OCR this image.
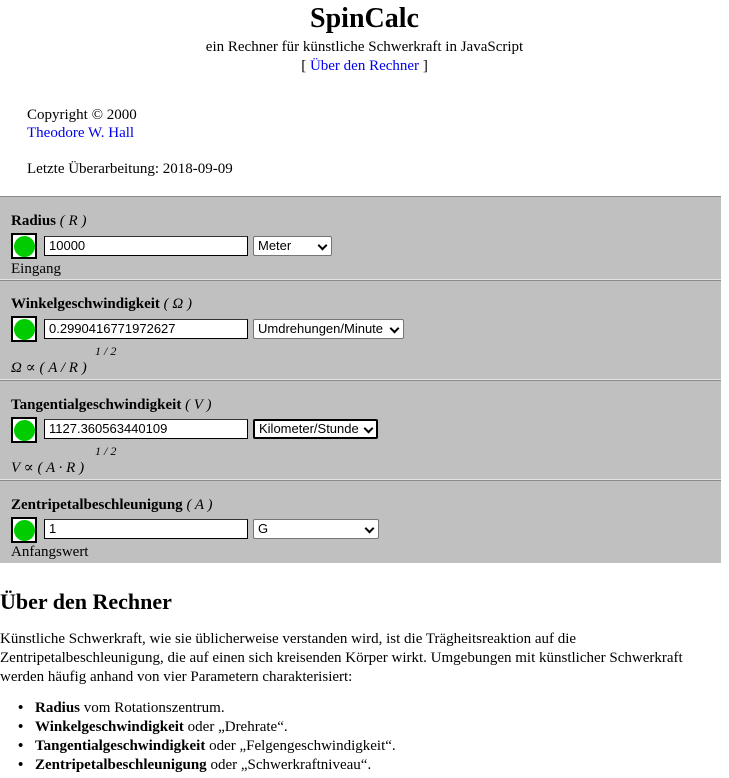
SpinCalc
ein Rechner für künstliche Schwerkraft in JavaScript
[ Über den Rechner ]
Copyright © 2000
Theodore W. Hall
Letzte Überarbeitung: 2018-09-09
Radius ( R )
10000	Meter
Eingang
Winkelgeschwindigkeit ( Ω )
0.2990416771972627	Umdrehungen/Minute
1 / 2
Ω ∝ ( A / R )
Tangentialgeschwindigkeit ( V )
1127.360563440109	Kilometer/Stunde
1 / 2
V ∝ ( A · R )
Zentripetalbeschleunigung ( A )
1	G
Anfangswert
Über den Rechner
Künstliche Schwerkraft, wie sie üblicherweise verstanden wird, ist die Trägheitsreaktion auf die
Zentripetalbeschleunigung, die auf einen sich kreisenden Körper wirkt. Umgebungen mit künstlicher Schwerkraft
werden häufig anhand von vier Parametern charakterisiert:
• Radius vom Rotationszentrum.
• Winkelgeschwindigkeit oder „Drehrate“.
• Tangentialgeschwindigkeit oder „Felgengeschwindigkeit“.
• Zentripetalbeschleunigung oder „Schwerkraftniveau“.
